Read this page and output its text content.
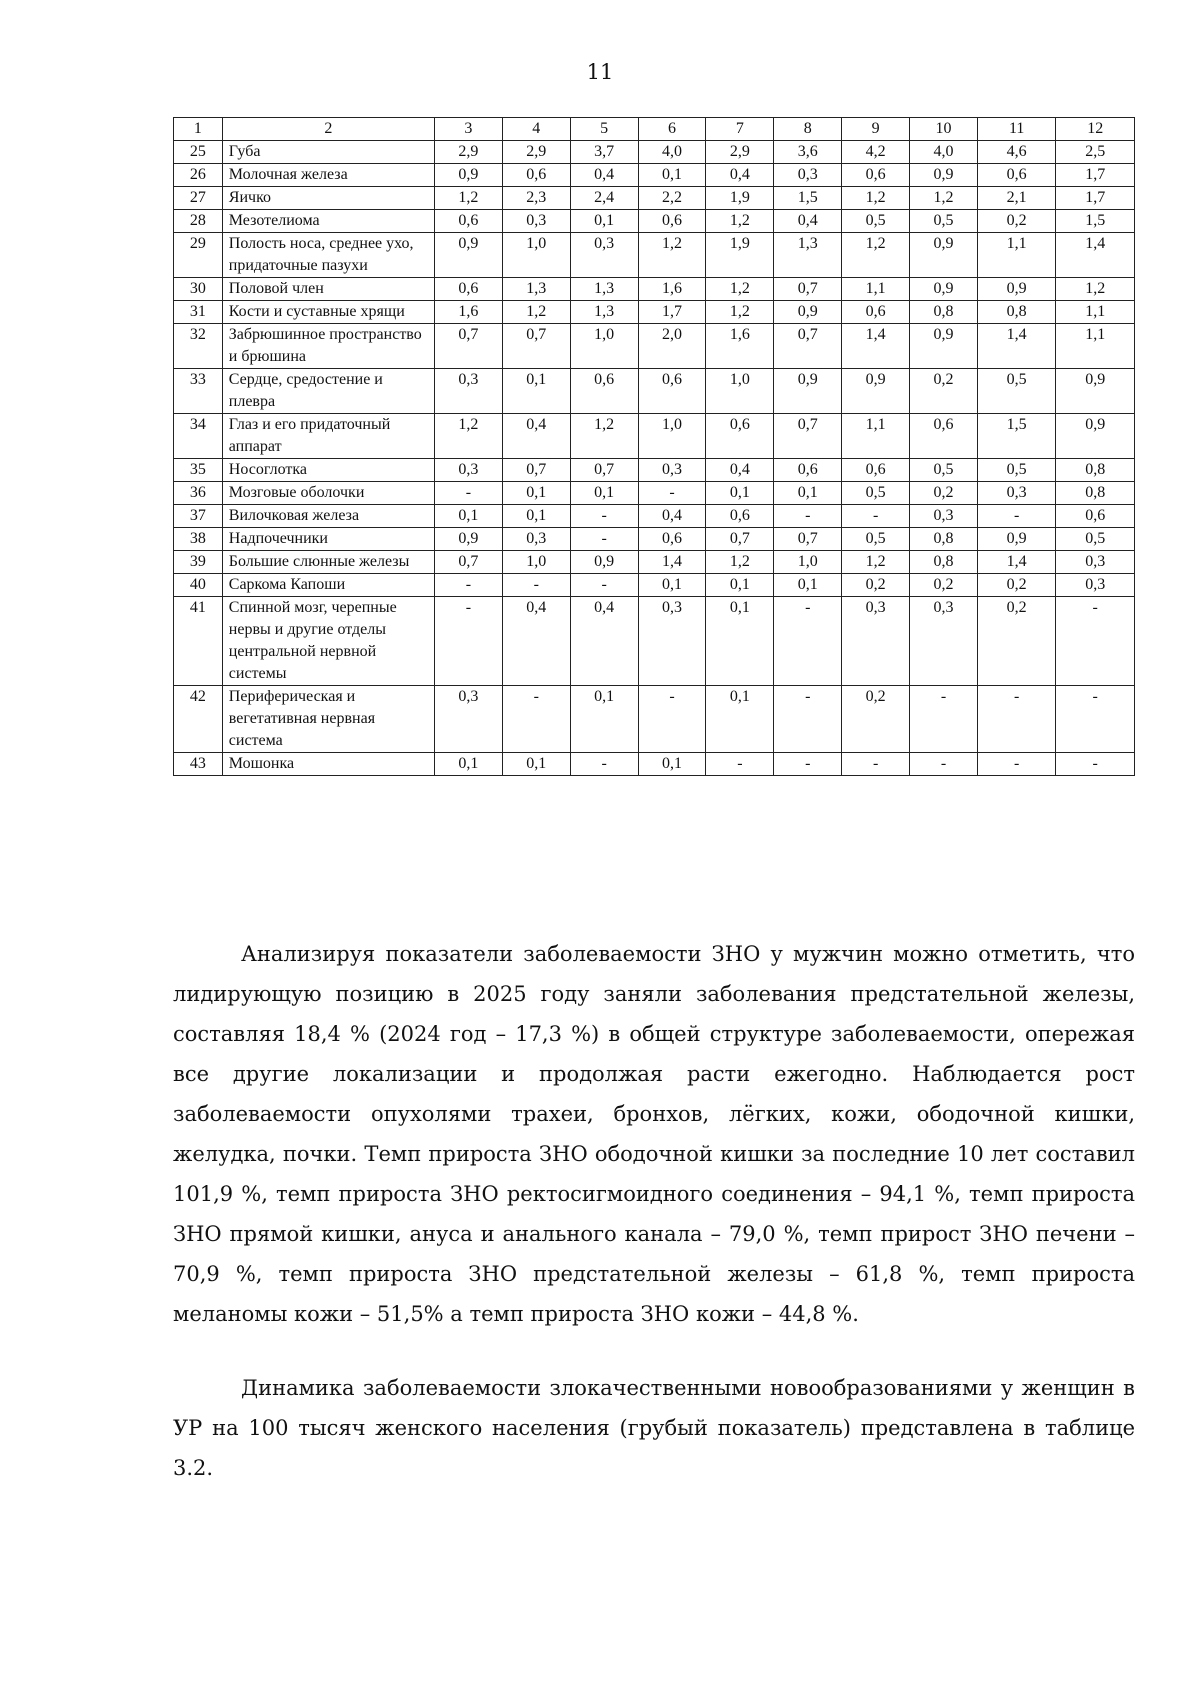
11
1	2	3	4	5	6	7	8	9	10	11	12
25	Губа	2,9	2,9	3,7	4,0	2,9	3,6	4,2	4,0	4,6	2,5
26	Молочная железа	0,9	0,6	0,4	0,1	0,4	0,3	0,6	0,9	0,6	1,7
27	Яичко	1,2	2,3	2,4	2,2	1,9	1,5	1,2	1,2	2,1	1,7
28	Мезотелиома	0,6	0,3	0,1	0,6	1,2	0,4	0,5	0,5	0,2	1,5
29	Полость носа, среднее ухо, придаточные пазухи	0,9	1,0	0,3	1,2	1,9	1,3	1,2	0,9	1,1	1,4
30	Половой член	0,6	1,3	1,3	1,6	1,2	0,7	1,1	0,9	0,9	1,2
31	Кости и суставные хрящи	1,6	1,2	1,3	1,7	1,2	0,9	0,6	0,8	0,8	1,1
32	Забрюшинное пространство и брюшина	0,7	0,7	1,0	2,0	1,6	0,7	1,4	0,9	1,4	1,1
33	Сердце, средостение и плевра	0,3	0,1	0,6	0,6	1,0	0,9	0,9	0,2	0,5	0,9
34	Глаз и его придаточный аппарат	1,2	0,4	1,2	1,0	0,6	0,7	1,1	0,6	1,5	0,9
35	Носоглотка	0,3	0,7	0,7	0,3	0,4	0,6	0,6	0,5	0,5	0,8
36	Мозговые оболочки	-	0,1	0,1	-	0,1	0,1	0,5	0,2	0,3	0,8
37	Вилочковая железа	0,1	0,1	-	0,4	0,6	-	-	0,3	-	0,6
38	Надпочечники	0,9	0,3	-	0,6	0,7	0,7	0,5	0,8	0,9	0,5
39	Большие слюнные железы	0,7	1,0	0,9	1,4	1,2	1,0	1,2	0,8	1,4	0,3
40	Саркома Капоши	-	-	-	0,1	0,1	0,1	0,2	0,2	0,2	0,3
41	Спинной мозг, черепные нервы и другие отделы центральной нервной системы	-	0,4	0,4	0,3	0,1	-	0,3	0,3	0,2	-
42	Периферическая и вегетативная нервная система	0,3	-	0,1	-	0,1	-	0,2	-	-	-
43	Мошонка	0,1	0,1	-	0,1	-	-	-	-	-	-

Анализируя показатели заболеваемости ЗНО у мужчин можно отметить, что лидирующую позицию в 2025 году заняли заболевания предстательной железы, составляя 18,4 % (2024 год – 17,3 %) в общей структуре заболеваемости, опережая все другие локализации и продолжая расти ежегодно. Наблюдается рост заболеваемости опухолями трахеи, бронхов, лёгких, кожи, ободочной кишки, желудка, почки. Темп прироста ЗНО ободочной кишки за последние 10 лет составил 101,9 %, темп прироста ЗНО ректосигмоидного соединения – 94,1 %, темп прироста ЗНО прямой кишки, ануса и анального канала – 79,0 %, темп прирост ЗНО печени – 70,9 %, темп прироста ЗНО предстательной железы – 61,8 %, темп прироста меланомы кожи – 51,5% а темп прироста ЗНО кожи – 44,8 %.

Динамика заболеваемости злокачественными новообразованиями у женщин в УР на 100 тысяч женского населения (грубый показатель) представлена в таблице 3.2.
